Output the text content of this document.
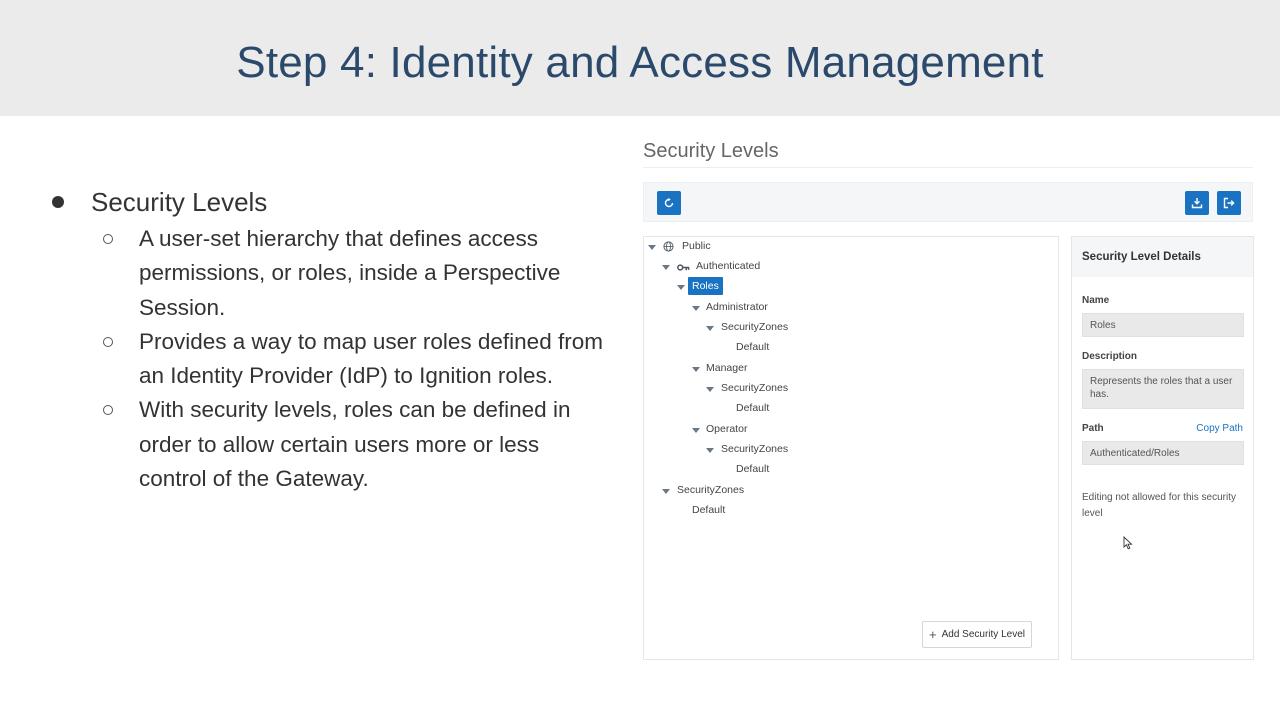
Step 4: Identity and Access Management
Security Levels
A user-set hierarchy that defines access permissions, or roles, inside a Perspective Session.
Provides a way to map user roles defined from an Identity Provider (IdP) to Ignition roles.
With security levels, roles can be defined in order to allow certain users more or less control of the Gateway.
Security Levels
Public
Authenticated
Roles
Administrator
SecurityZones
Default
Manager
SecurityZones
Default
Operator
SecurityZones
Default
SecurityZones
Default
+ Add Security Level
Security Level Details
Name
Roles
Description
Represents the roles that a user has.
Path	Copy Path
Authenticated/Roles
Editing not allowed for this security level
